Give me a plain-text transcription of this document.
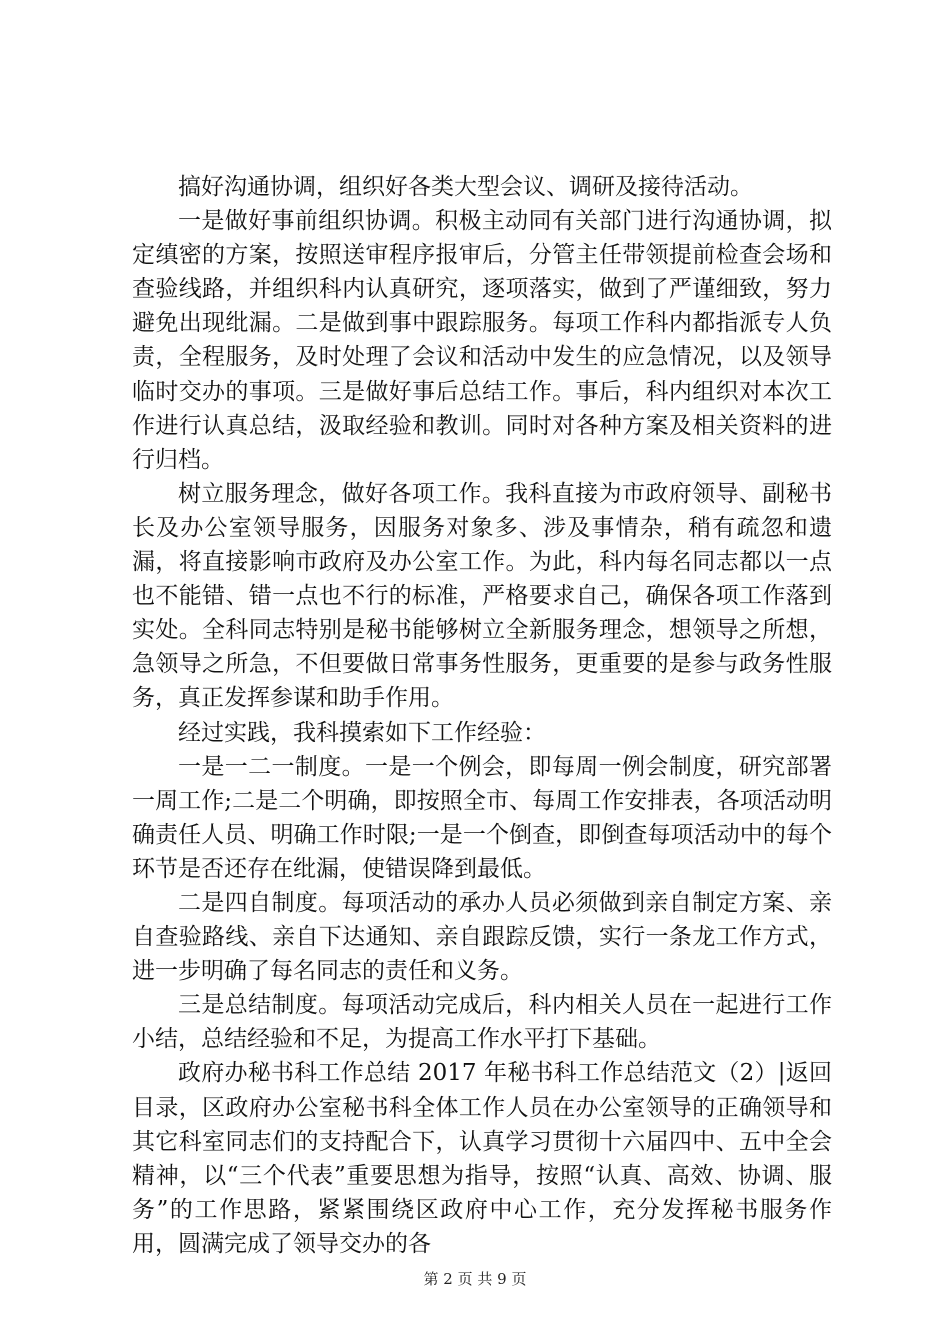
搞好沟通协调，组织好各类大型会议、调研及接待活动。

一是做好事前组织协调。积极主动同有关部门进行沟通协调，拟定缜密的方案，按照送审程序报审后，分管主任带领提前检查会场和查验线路，并组织科内认真研究，逐项落实，做到了严谨细致，努力避免出现纰漏。二是做到事中跟踪服务。每项工作科内都指派专人负责，全程服务，及时处理了会议和活动中发生的应急情况，以及领导临时交办的事项。三是做好事后总结工作。事后，科内组织对本次工作进行认真总结，汲取经验和教训。同时对各种方案及相关资料的进行归档。

树立服务理念，做好各项工作。我科直接为市政府领导、副秘书长及办公室领导服务，因服务对象多、涉及事情杂，稍有疏忽和遗漏，将直接影响市政府及办公室工作。为此，科内每名同志都以一点也不能错、错一点也不行的标准，严格要求自己，确保各项工作落到实处。全科同志特别是秘书能够树立全新服务理念，想领导之所想，急领导之所急，不但要做日常事务性服务，更重要的是参与政务性服务，真正发挥参谋和助手作用。

经过实践，我科摸索如下工作经验：

一是一二一制度。一是一个例会，即每周一例会制度，研究部署一周工作;二是二个明确，即按照全市、每周工作安排表，各项活动明确责任人员、明确工作时限;一是一个倒查，即倒查每项活动中的每个环节是否还存在纰漏，使错误降到最低。

二是四自制度。每项活动的承办人员必须做到亲自制定方案、亲自查验路线、亲自下达通知、亲自跟踪反馈，实行一条龙工作方式，进一步明确了每名同志的责任和义务。

三是总结制度。每项活动完成后，科内相关人员在一起进行工作小结，总结经验和不足，为提高工作水平打下基础。

政府办秘书科工作总结 2017 年秘书科工作总结范文（2）|返回目录，区政府办公室秘书科全体工作人员在办公室领导的正确领导和其它科室同志们的支持配合下，认真学习贯彻十六届四中、五中全会精神，以“三个代表”重要思想为指导，按照“认真、高效、协调、服务”的工作思路，紧紧围绕区政府中心工作，充分发挥秘书服务作用，圆满完成了领导交办的各

第 2 页 共 9 页
